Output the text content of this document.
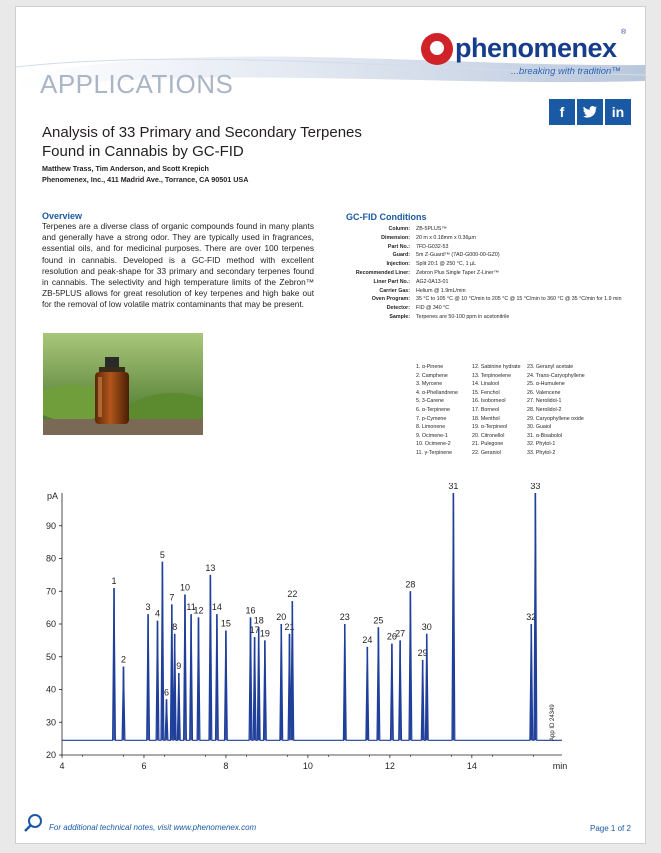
phenomenex
®
...breaking with tradition™
APPLICATIONS
f	in
Analysis of 33 Primary and Secondary Terpenes
Found in Cannabis by GC-FID
Matthew Trass, Tim Anderson, and Scott Krepich
Phenomenex, Inc., 411 Madrid Ave., Torrance, CA 90501 USA
Overview
Terpenes are a diverse class of organic compounds found in many plants and generally have a strong odor. They are typically used in fragrances, essential oils, and for medicinal purposes. There are over 100 terpenes found in cannabis. Developed is a GC-FID method with excellent resolution and peak-shape for 33 primary and secondary terpenes found in cannabis. The selectivity and high temperature limits of the Zebron™ ZB-5PLUS allows for great resolution of key terpenes and high bake out for the removal of low volatile matrix contaminants that may be present.
GC-FID Conditions
Column:	ZB-5PLUS™
Dimension:	20 m x 0.18mm x 0.36µm
Part No.:	7FD-G032-53
Guard:	5m Z-Guard™ (7AD-G000-00-GZ0)
Injection:	Split 20:1 @ 250 °C, 1 µL
Recommended Liner:	Zebron Plus Single Taper Z-Liner™
Liner Part No.:	AG2-0A13-01
Carrier Gas:	Helium @ 1.9mL/min
Oven Program:	35 °C to 105 °C @ 10 °C/min to 205 °C @ 15 °C/min to 360 °C @ 35 °C/min for 1.9 min
Detector:	FID @ 340 °C
Sample:	Terpenes are 50-100 ppm in acetonitrile
1. α-Pinene	12. Sabinine hydrate	23. Geranyl acetate
2. Camphene	13. Terpinoelene	24. Trans-Caryophyllene
3. Myrcene	14. Linalool	25. α-Humulene
4. α-Phellandrene	15. Fenchol	26. Valencene
5. 3-Carene	16. Isoborneol	27. Nerolidol-1
6. α-Terpinene	17. Borneol	28. Nerolidol-2
7. p-Cymene	18. Menthol	29. Caryophyllene oxide
8. Limonene	19. α-Terpineol	30. Guaiol
9. Ocimene-1	20. Citronellol	31. α-Bisabolol
10. Ocimene-2	21. Pulegone	32. Phytol-1
11. γ-Terpinene	22. Geraniol	33. Phytol-2
20
30
40
50
60
70
80
90
4	6	8	10	12	14
pA
min
1
2
3
4
5
6
7
8
9
10
11
12
13
14
15
16
17
18
19
20
21
22
23
24
25
26
27
28
29
30
31
32
33
App ID 24349
For additional technical notes, visit www.phenomenex.com	Page 1 of 2
